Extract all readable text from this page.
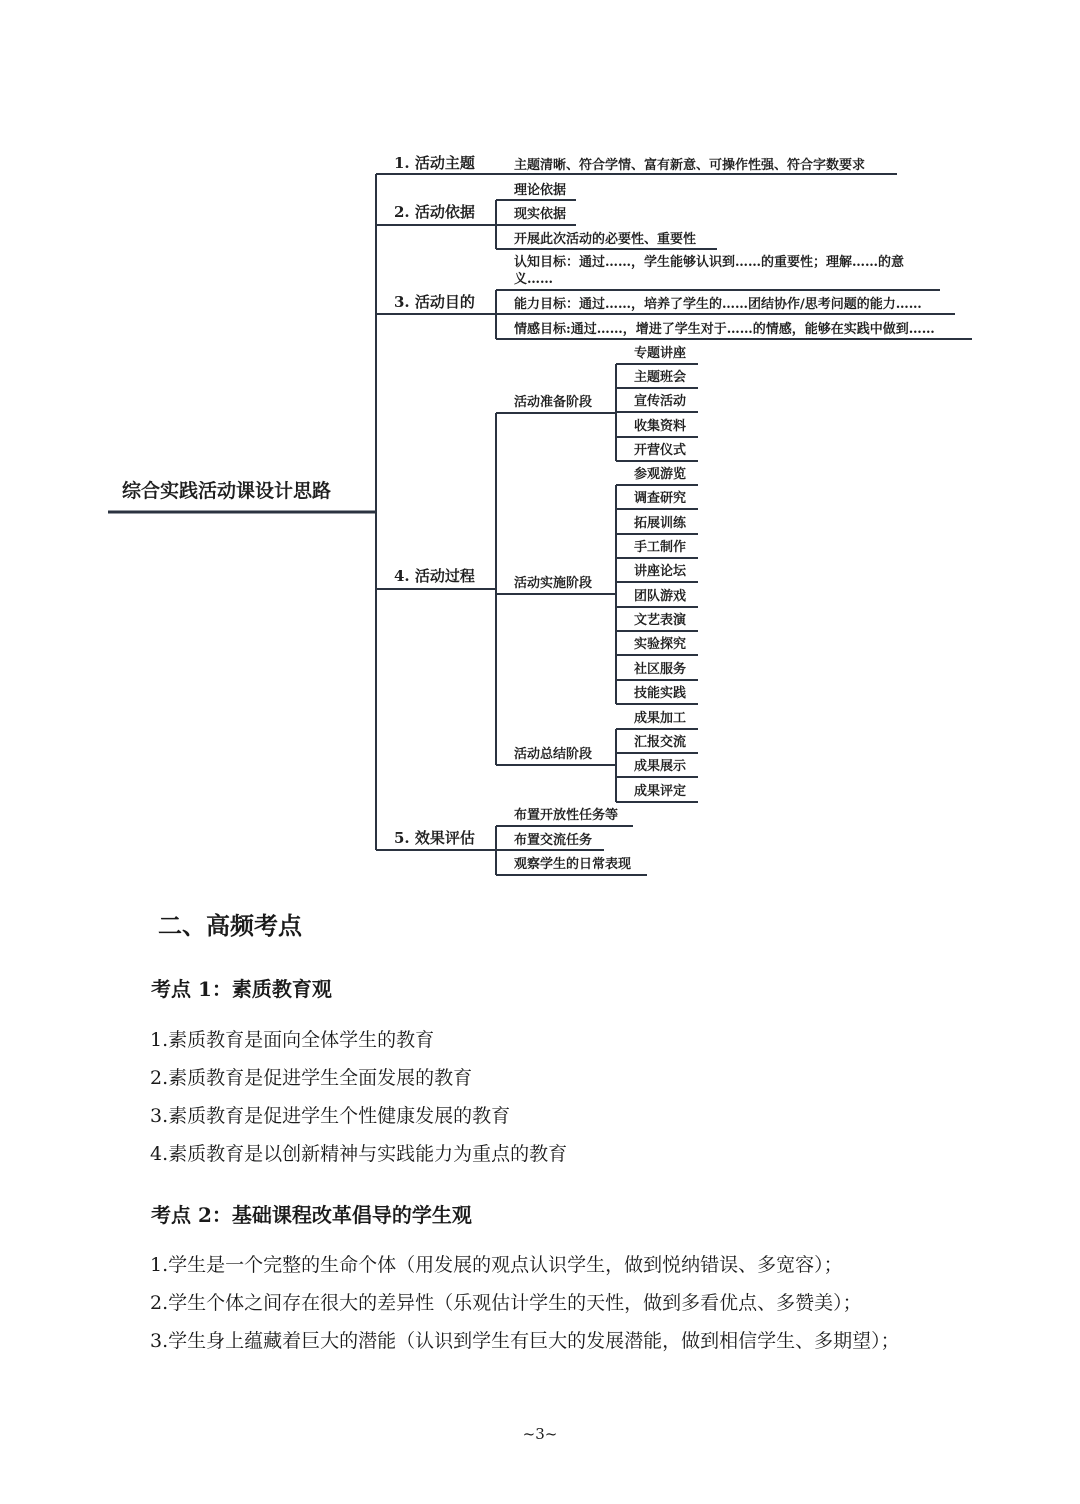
综合实践活动课设计思路
1. 活动主题
2. 活动依据
3. 活动目的
4. 活动过程
5. 效果评估
主题清晰、符合学情、富有新意、可操作性强、符合字数要求
理论依据
现实依据
开展此次活动的必要性、重要性
认知目标：通过……，学生能够认识到……的重要性；理解……的意
义……
能力目标：通过……，培养了学生的……团结协作/思考问题的能力……
情感目标:通过……，增进了学生对于……的情感，能够在实践中做到……
活动准备阶段
活动实施阶段
活动总结阶段
专题讲座
主题班会
宣传活动
收集资料
开营仪式
参观游览
调查研究
拓展训练
手工制作
讲座论坛
团队游戏
文艺表演
实验探究
社区服务
技能实践
成果加工
汇报交流
成果展示
成果评定
布置开放性任务等
布置交流任务
观察学生的日常表现
二、高频考点
考点 1：素质教育观
1.素质教育是面向全体学生的教育
2.素质教育是促进学生全面发展的教育
3.素质教育是促进学生个性健康发展的教育
4.素质教育是以创新精神与实践能力为重点的教育
考点 2：基础课程改革倡导的学生观
1.学生是一个完整的生命个体（用发展的观点认识学生，做到悦纳错误、多宽容）；
2.学生个体之间存在很大的差异性（乐观估计学生的天性，做到多看优点、多赞美）；
3.学生身上蕴藏着巨大的潜能（认识到学生有巨大的发展潜能，做到相信学生、多期望）；
~3~
